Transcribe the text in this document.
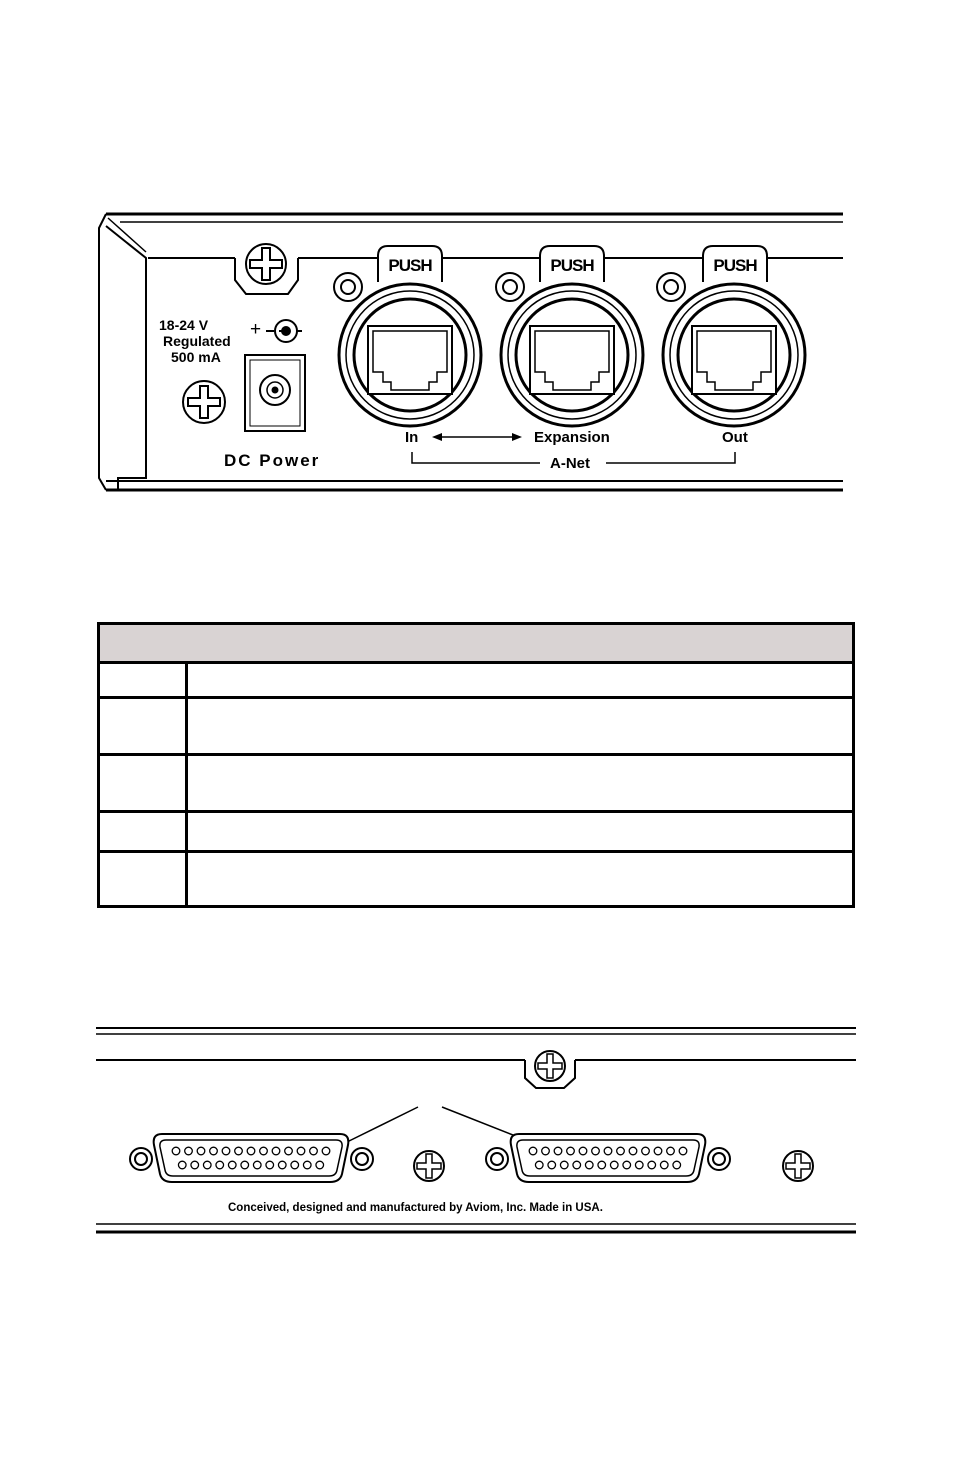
18-24 V
Regulated
500 mA
+
DC Power
PUSH	PUSH	PUSH
In	Expansion	Out
A-Net
Conceived, designed and manufactured by Aviom, Inc. Made in USA.
